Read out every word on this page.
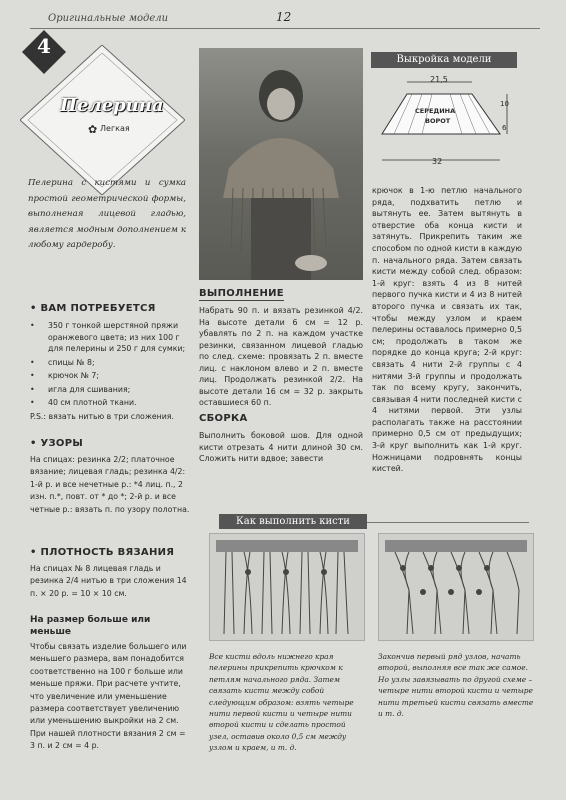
Оригинальные модели	12
4
Пелерина
✿ Легкая
Пелерина с кистями и сумка простой геометрической формы, выполненая лицевой гладью, является модным дополнением к любому гардеробу.
Выкройка модели
21,5
32
10
6
СЕРЕДИНА
ВОРОТ
• ВАМ ПОТРЕБУЕТСЯ
• 350 г тонкой шерстяной пряжи оранжевого цвета; из них 100 г для пелерины и 250 г для сумки;
• спицы № 8;
• крючок № 7;
• игла для сшивания;
• 40 см плотной ткани.
P.S.: вязать нитью в три сложения.
• УЗОРЫ
На спицах: резинка 2/2; платочное вязание; лицевая гладь; резинка 4/2: 1-й р. и все нечетные р.: *4 лиц. п., 2 изн. п.*, повт. от * до *; 2-й р. и все четные р.: вязать п. по узору полотна.
• ПЛОТНОСТЬ ВЯЗАНИЯ
На спицах № 8 лицевая гладь и резинка 2/4 нитью в три сложения 14 п. × 20 р. = 10 × 10 см.
На размер больше или меньше
Чтобы связать изделие большего или меньшего размера, вам понадобится соответственно на 100 г больше или меньше пряжи. При расчете учтите, что увеличение или уменьшение размера соответствует увеличению или уменьшению выкройки на 2 см. При нашей плотности вязания 2 см = 3 п. и 2 см = 4 р.
ВЫПОЛНЕНИЕ
Набрать 90 п. и вязать резинкой 4/2. На высоте детали 6 см = 12 р. убавлять по 2 п. на каждом участке резинки, связанном лицевой гладью по след. схеме: провязать 2 п. вместе лиц. с наклоном влево и 2 п. вместе лиц. Продолжать резинкой 2/2. На высоте детали 16 см = 32 р. закрыть оставшиеся 60 п.
СБОРКА
Выполнить боковой шов. Для одной кисти отрезать 4 нити длиной 30 см. Сложить нити вдвое; завести
крючок в 1-ю петлю начального ряда, подхватить петлю и вытянуть ее. Затем вытянуть в отверстие оба конца кисти и затянуть. Прикрепить таким же способом по одной кисти в каждую п. начального ряда. Затем связать кисти между собой след. образом: 1-й круг: взять 4 из 8 нитей первого пучка кисти и 4 из 8 нитей второго пучка и связать их так, чтобы между узлом и краем пелерины оставалось примерно 0,5 см; продолжать в таком же порядке до конца круга; 2-й круг: связать 4 нити 2-й группы с 4 нитями 3-й группы и продолжать так по всему кругу, закончить, связывая 4 нити последней кисти с 4 нитями первой. Эти узлы располагать также на расстоянии примерно 0,5 см от предыдущих; 3-й круг выполнить как 1-й круг. Ножницами подровнять концы кистей.
Как выполнить кисти
Все кисти вдоль нижнего края пелерины прикрепить крючком к петлям начального ряда. Затем связать кисти между собой следующим образом: взять четыре нити первой кисти и четыре нити второй кисти и сделать простой узел, оставив около 0,5 см между узлом и краем, и т. д.
Закончив первый ряд узлов, начать второй, выполняя все так же самое. Но узлы завязывать по другой схеме – четыре нити второй кисти и четыре нити третьей кисти связать вместе и т. д.
